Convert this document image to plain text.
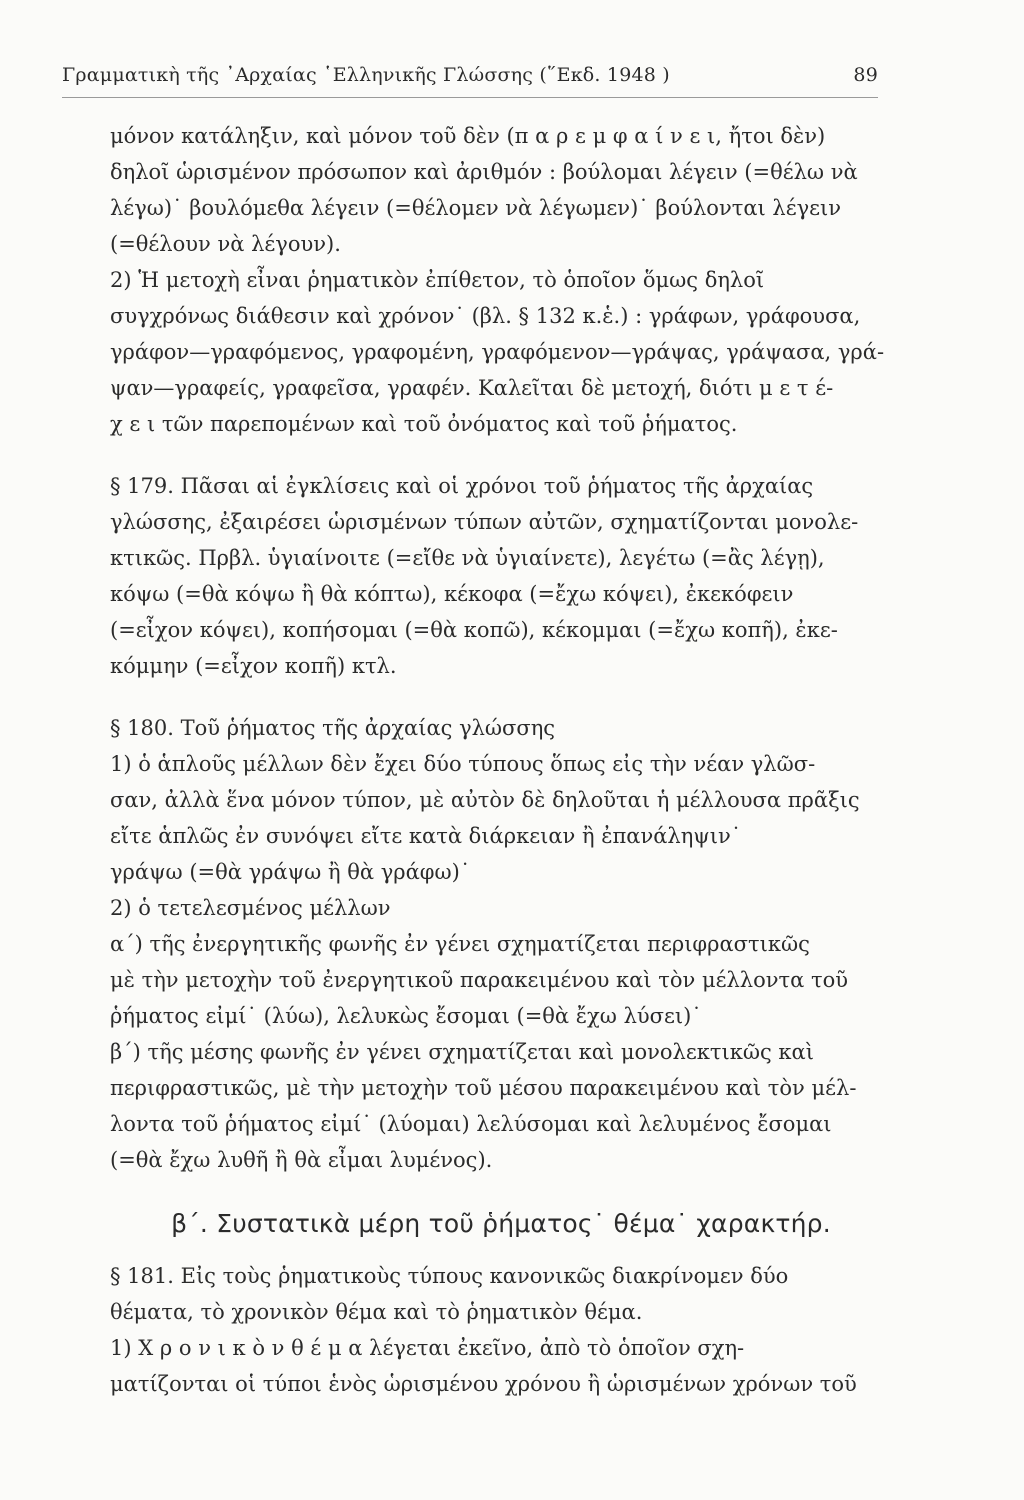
Γραμματικὴ τῆς ᾿Αρχαίας ῾Ελληνικῆς Γλώσσης (῞Εκδ. 1948 )	89
μόνον κατάληξιν, καὶ μόνον τοῦ δὲν (π α ρ ε μ φ α ί ν ε ι, ἤτοι δὲν)
δηλοῖ ὡρισμένον πρόσωπον καὶ ἀριθμόν : βούλομαι λέγειν (=θέλω νὰ
λέγω)˙ βουλόμεθα λέγειν (=θέλομεν νὰ λέγωμεν)˙ βούλονται λέγειν
(=θέλουν νὰ λέγουν).
2) Ἡ μετοχὴ εἶναι ῥηματικὸν ἐπίθετον, τὸ ὁποῖον ὅμως δηλοῖ
συγχρόνως διάθεσιν καὶ χρόνον˙ (βλ. § 132 κ.ἑ.) : γράφων, γράφουσα,
γράφον—γραφόμενος, γραφομένη, γραφόμενον—γράψας, γράψασα, γρά-
ψαν—γραφείς, γραφεῖσα, γραφέν. Καλεῖται δὲ μετοχή, διότι μ ε τ έ-
χ ε ι τῶν παρεπομένων καὶ τοῦ ὀνόματος καὶ τοῦ ῥήματος.
§ 179. Πᾶσαι αἱ ἐγκλίσεις καὶ οἱ χρόνοι τοῦ ῥήματος τῆς ἀρχαίας
γλώσσης, ἐξαιρέσει ὡρισμένων τύπων αὐτῶν, σχηματίζονται μονολε-
κτικῶς. Πρβλ. ὑγιαίνοιτε (=εἴθε νὰ ὑγιαίνετε), λεγέτω (=ἂς λέγῃ),
κόψω (=θὰ κόψω ἢ θὰ κόπτω), κέκοφα (=ἔχω κόψει), ἐκεκόφειν
(=εἶχον κόψει), κοπήσομαι (=θὰ κοπῶ), κέκομμαι (=ἔχω κοπῆ), ἐκε-
κόμμην (=εἶχον κοπῆ) κτλ.
§ 180. Τοῦ ῥήματος τῆς ἀρχαίας γλώσσης
1) ὁ ἁπλοῦς μέλλων δὲν ἔχει δύο τύπους ὅπως εἰς τὴν νέαν γλῶσ-
σαν, ἀλλὰ ἕνα μόνον τύπον, μὲ αὐτὸν δὲ δηλοῦται ἡ μέλλουσα πρᾶξις
εἴτε ἁπλῶς ἐν συνόψει εἴτε κατὰ διάρκειαν ἢ ἐπανάληψιν˙
γράψω (=θὰ γράψω ἢ θὰ γράφω)˙
2) ὁ τετελεσμένος μέλλων
α΄) τῆς ἐνεργητικῆς φωνῆς ἐν γένει σχηματίζεται περιφραστικῶς
μὲ τὴν μετοχὴν τοῦ ἐνεργητικοῦ παρακειμένου καὶ τὸν μέλλοντα τοῦ
ῥήματος εἰμί˙ (λύω), λελυκὼς ἔσομαι (=θὰ ἔχω λύσει)˙
β΄) τῆς μέσης φωνῆς ἐν γένει σχηματίζεται καὶ μονολεκτικῶς καὶ
περιφραστικῶς, μὲ τὴν μετοχὴν τοῦ μέσου παρακειμένου καὶ τὸν μέλ-
λοντα τοῦ ῥήματος εἰμί˙ (λύομαι) λελύσομαι καὶ λελυμένος ἔσομαι
(=θὰ ἔχω λυθῆ ἢ θὰ εἶμαι λυμένος).
β΄. Συστατικὰ μέρη τοῦ ῥήματος˙ θέμα˙ χαρακτήρ.
§ 181. Εἰς τοὺς ῥηματικοὺς τύπους κανονικῶς διακρίνομεν δύο
θέματα, τὸ χρονικὸν θέμα καὶ τὸ ῥηματικὸν θέμα.
1) Χ ρ ο ν ι κ ὸ ν θ έ μ α λέγεται ἐκεῖνο, ἀπὸ τὸ ὁποῖον σχη-
ματίζονται οἱ τύποι ἑνὸς ὡρισμένου χρόνου ἢ ὡρισμένων χρόνων τοῦ
